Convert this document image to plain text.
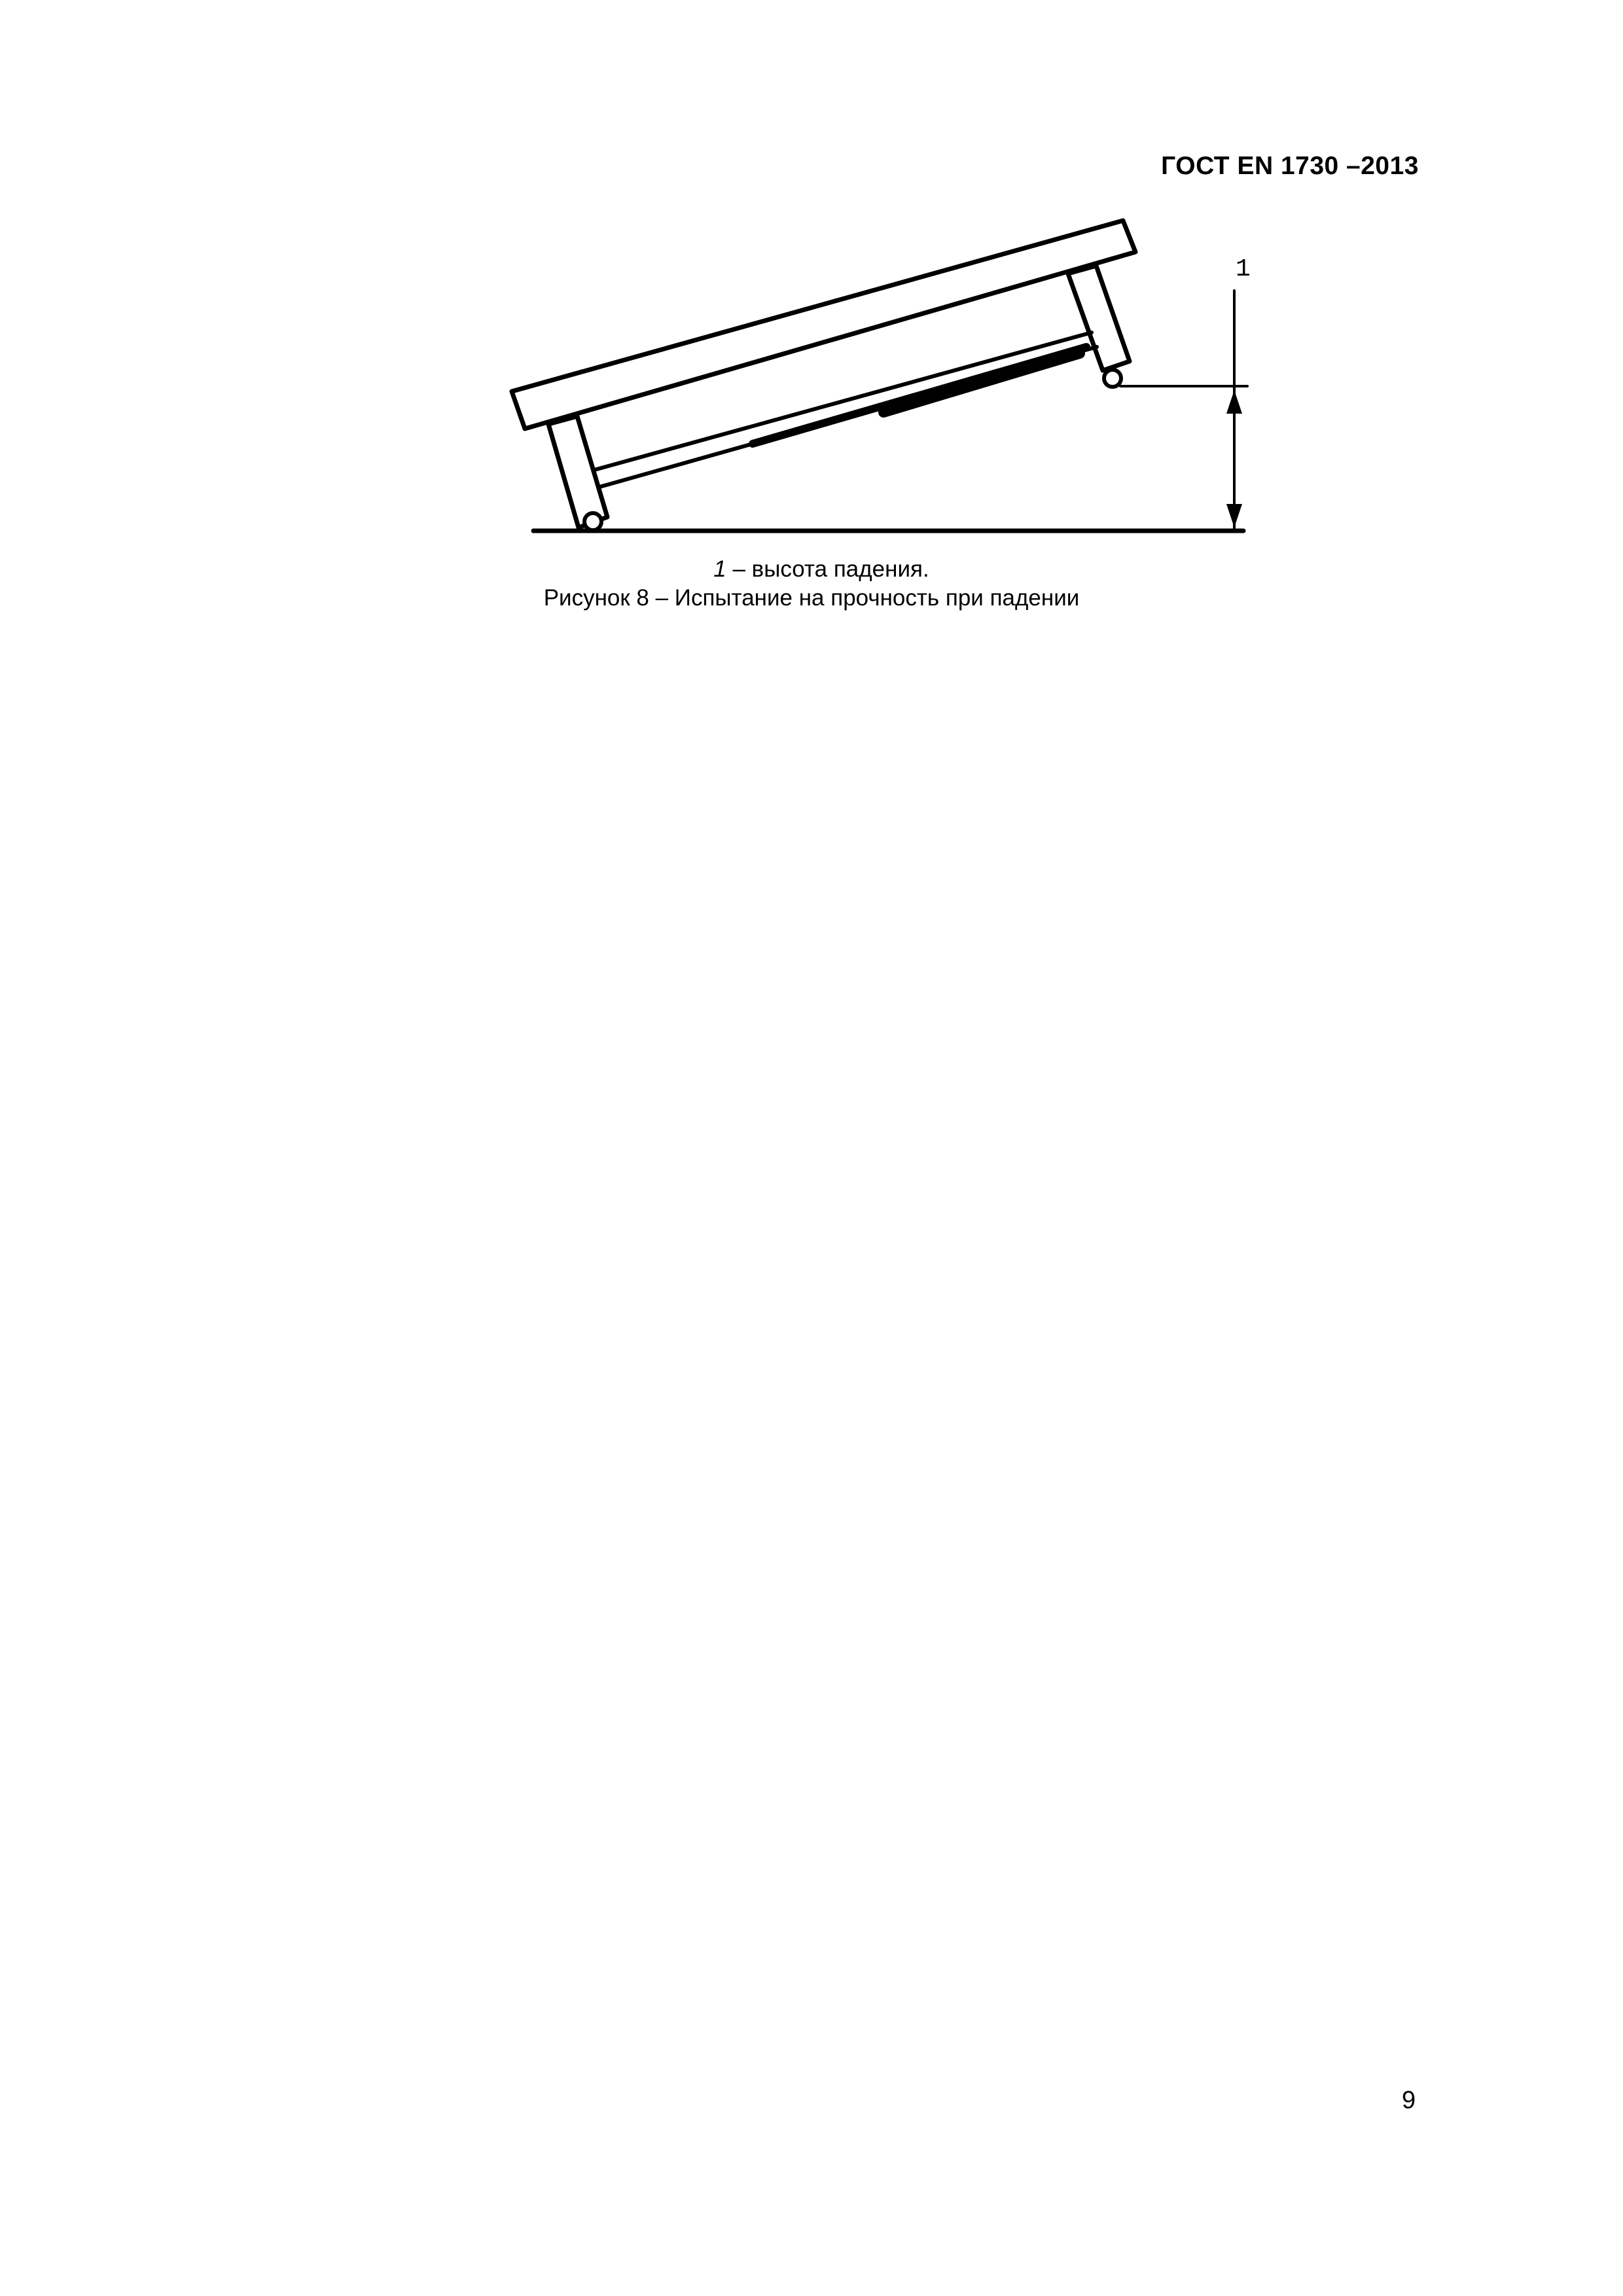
ГОСТ EN 1730 –2013
1
1 – высота падения.
Рисунок 8 – Испытание на прочность при падении
9
